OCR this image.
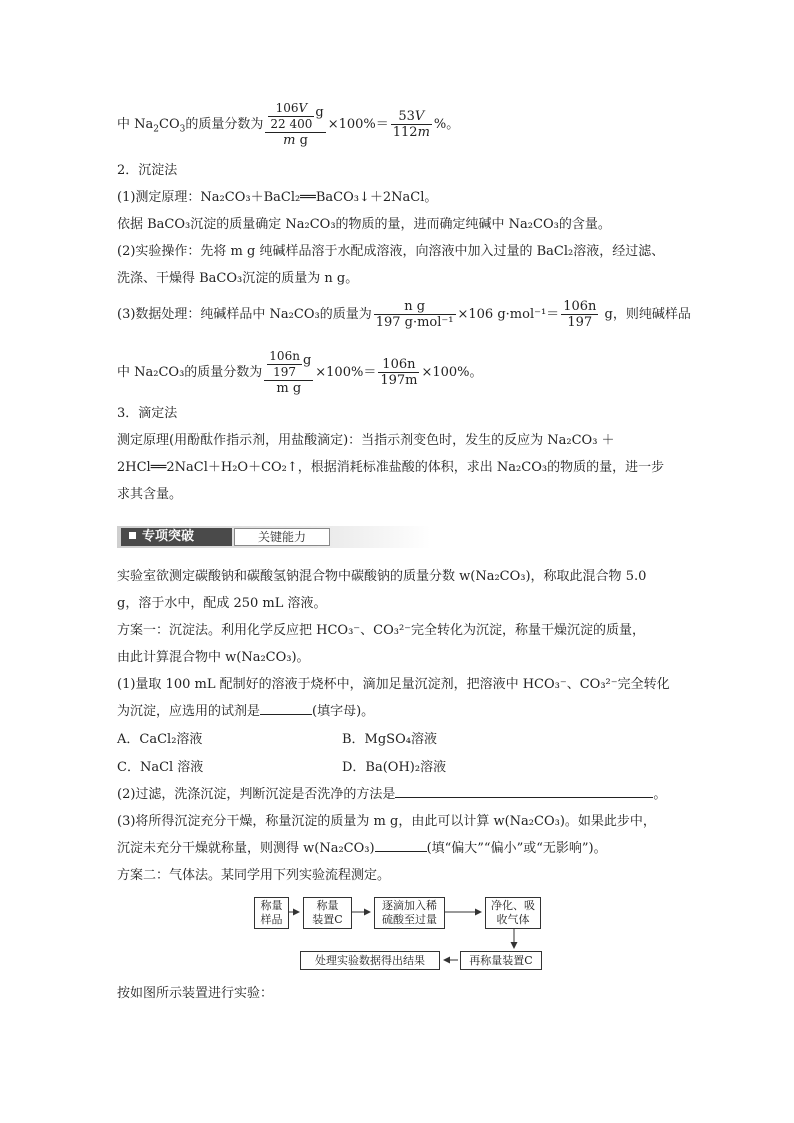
中 $Na_2CO_3$的质量分数为 $\frac{\frac{106V}{22 400} g}{\text{m g}} \times 100\%= \frac{53V}{112m}$ %。
2．沉淀法
(1)测定原理：Na₂CO₃＋BaCl₂══BaCO₃↓＋2NaCl。
依据 BaCO₃沉淀的质量确定 Na₂CO₃的物质的量，进而确定纯碱中 Na₂CO₃的含量。
(2)实验操作：先将 m g 纯碱样品溶于水配成溶液，向溶液中加入过量的 BaCl₂溶液，经过滤、
洗涤、干燥得 BaCO₃沉淀的质量为 n g。
(3)数据处理：纯碱样品中 Na₂CO₃的质量为 $\frac{\text{n g}}{\text{197 g·mol⁻¹}} \times 106$ $g\cdot mol^{-1}= \frac{106n}{197}$ g，则纯碱样品
中 Na₂CO₃的质量分数为 $\frac{\frac{106n}{197} g}{\text{m g}} \times 100\%= \frac{106n}{197m} \times 100\%$。
3．滴定法
测定原理(用酚酞作指示剂，用盐酸滴定)：当指示剂变色时，发生的反应为 Na₂CO₃ ＋
2HCl══2NaCl＋H₂O＋CO₂↑，根据消耗标准盐酸的体积，求出 Na₂CO₃的物质的量，进一步
求其含量。
专项突破	关键能力
实验室欲测定碳酸钠和碳酸氢钠混合物中碳酸钠的质量分数 w(Na₂CO₃)，称取此混合物 5.0
g，溶于水中，配成 250 mL 溶液。
方案一：沉淀法。利用化学反应把 HCO₃⁻、CO₃²⁻完全转化为沉淀，称量干燥沉淀的质量，
由此计算混合物中 w(Na₂CO₃)。
(1)量取 100 mL 配制好的溶液于烧杯中，滴加足量沉淀剂，把溶液中 HCO₃⁻、CO₃²⁻完全转化
为沉淀，应选用的试剂是	(填字母)。
A．CaCl₂溶液	B．MgSO₄溶液
C．NaCl 溶液	D．Ba(OH)₂溶液
(2)过滤，洗涤沉淀，判断沉淀是否洗净的方法是	。
(3)将所得沉淀充分干燥，称量沉淀的质量为 m g，由此可以计算 w(Na₂CO₃)。如果此步中，
沉淀未充分干燥就称量，则测得 w(Na₂CO₃)	(填“偏大”“偏小”或“无影响”)。
方案二：气体法。某同学用下列实验流程测定。
称量
样品
称量
装置C
逐滴加入稀
硫酸至过量
净化、吸
收气体
再称量装置C
处理实验数据得出结果
按如图所示装置进行实验：
